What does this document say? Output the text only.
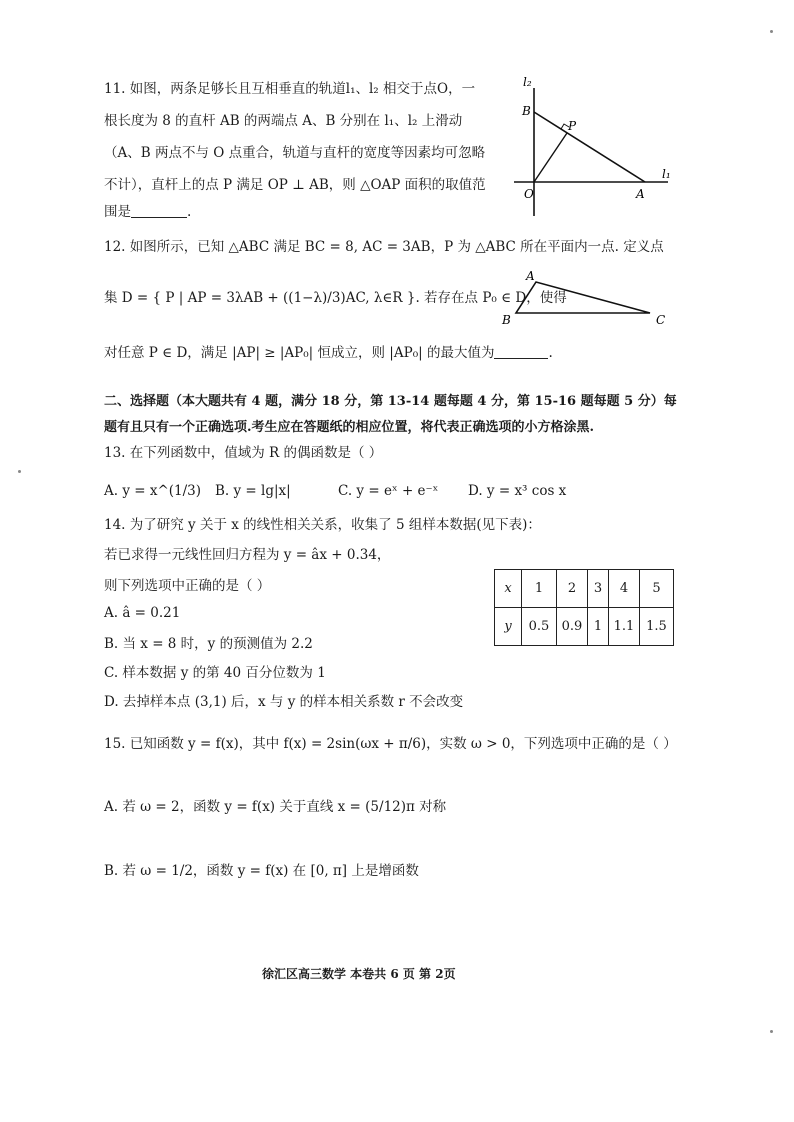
11. 如图，两条足够长且互相垂直的轨道l₁、l₂ 相交于点O，一
根长度为 8 的直杆 AB 的两端点 A、B 分别在 l₁、l₂ 上滑动
（A、B 两点不与 O 点重合，轨道与直杆的宽度等因素均可忽略
不计），直杆上的点 P 满足 OP ⊥ AB，则 △OAP 面积的取值范
围是	.
l₂
l₁
B
P
O	A
12. 如图所示，已知 △ABC 满足 BC = 8, AC = 3AB，P 为 △ABC 所在平面内一点. 定义点
集 D = { P | AP = 3λAB + ((1−λ)/3)AC, λ∈R }. 若存在点 P₀ ∈ D，使得
对任意 P ∈ D，满足 |AP| ≥ |AP₀| 恒成立，则 |AP₀| 的最大值为	.
A
B	C
二、选择题（本大题共有 4 题，满分 18 分，第 13-14 题每题 4 分，第 15-16 题每题 5 分）每
题有且只有一个正确选项.考生应在答题纸的相应位置，将代表正确选项的小方格涂黑.
13. 在下列函数中，值域为 R 的偶函数是（ ）
A. y = x^(1/3) B. y = lg|x|	C. y = eˣ + e⁻ˣ D. y = x³ cos x
14. 为了研究 y 关于 x 的线性相关关系，收集了 5 组样本数据(见下表)：
若已求得一元线性回归方程为 y = âx + 0.34，
则下列选项中正确的是（ ）
A. â = 0.21
B. 当 x = 8 时，y 的预测值为 2.2
C. 样本数据 y 的第 40 百分位数为 1
D. 去掉样本点 (3,1) 后，x 与 y 的样本相关系数 r 不会改变
x	1	2	3	4	5
y	0.5	0.9	1	1.1	1.5
15. 已知函数 y = f(x)，其中 f(x) = 2sin(ωx + π/6)，实数 ω > 0，下列选项中正确的是（ ）
A. 若 ω = 2，函数 y = f(x) 关于直线 x = (5/12)π 对称
B. 若 ω = 1/2，函数 y = f(x) 在 [0, π] 上是增函数
徐汇区高三数学 本卷共 6 页 第 2页
